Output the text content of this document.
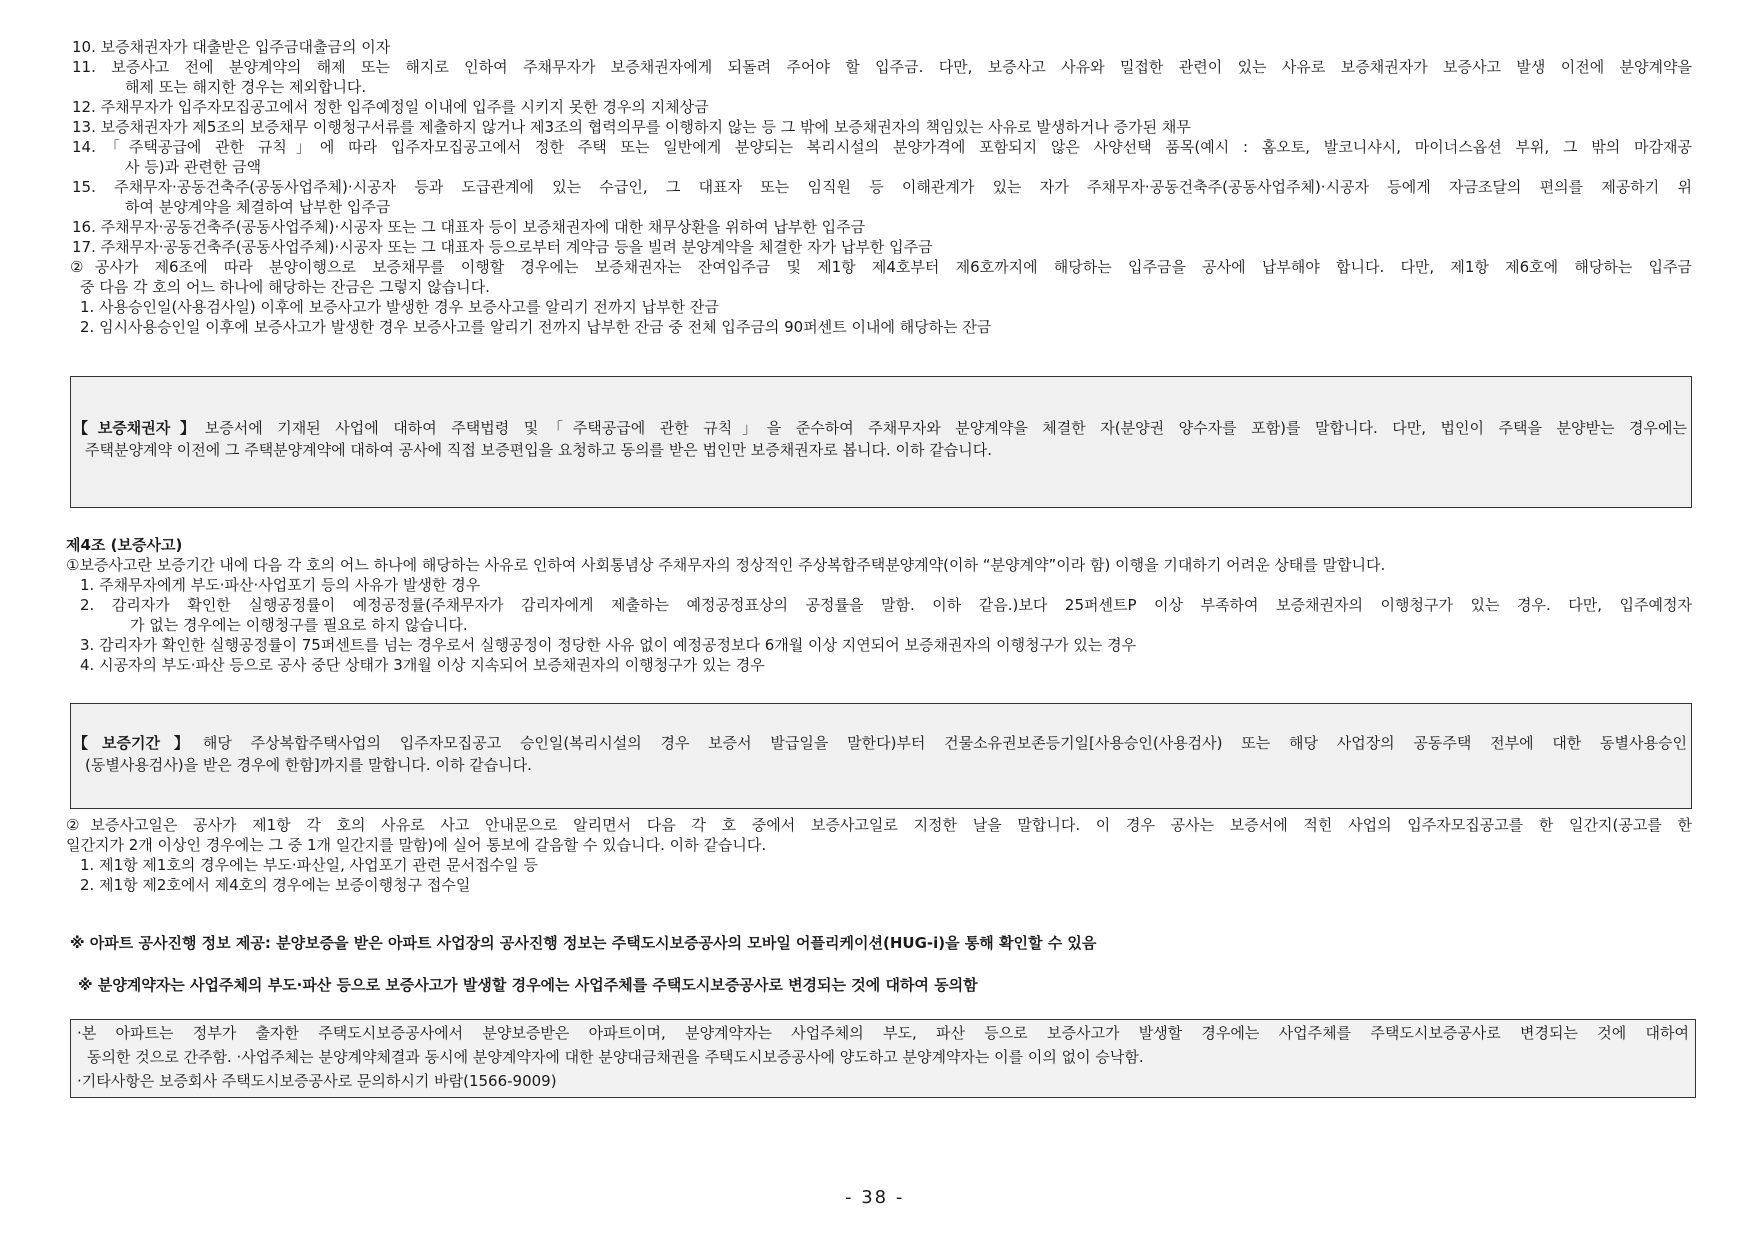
10. 보증채권자가 대출받은 입주금대출금의 이자
11. 보증사고 전에 분양계약의 해제 또는 해지로 인하여 주채무자가 보증채권자에게 되돌려 주어야 할 입주금. 다만, 보증사고 사유와 밀접한 관련이 있는 사유로 보증채권자가 보증사고 발생 이전에 분양계약을
해제 또는 해지한 경우는 제외합니다.
12. 주채무자가 입주자모집공고에서 정한 입주예정일 이내에 입주를 시키지 못한 경우의 지체상금
13. 보증채권자가 제5조의 보증채무 이행청구서류를 제출하지 않거나 제3조의 협력의무를 이행하지 않는 등 그 밖에 보증채권자의 책임있는 사유로 발생하거나 증가된 채무
14.「주택공급에 관한 규칙」에 따라 입주자모집공고에서 정한 주택 또는 일반에게 분양되는 복리시설의 분양가격에 포함되지 않은 사양선택 품목(예시 : 홈오토, 발코니샤시, 마이너스옵션 부위, 그 밖의 마감재공
사 등)과 관련한 금액
15. 주채무자·공동건축주(공동사업주체)·시공자 등과 도급관계에 있는 수급인, 그 대표자 또는 임직원 등 이해관계가 있는 자가 주채무자·공동건축주(공동사업주체)·시공자 등에게 자금조달의 편의를 제공하기 위
하여 분양계약을 체결하여 납부한 입주금
16. 주채무자·공동건축주(공동사업주체)·시공자 또는 그 대표자 등이 보증채권자에 대한 채무상환을 위하여 납부한 입주금
17. 주채무자·공동건축주(공동사업주체)·시공자 또는 그 대표자 등으로부터 계약금 등을 빌려 분양계약을 체결한 자가 납부한 입주금
②공사가 제6조에 따라 분양이행으로 보증채무를 이행할 경우에는 보증채권자는 잔여입주금 및 제1항 제4호부터 제6호까지에 해당하는 입주금을 공사에 납부해야 합니다. 다만, 제1항 제6호에 해당하는 입주금
중 다음 각 호의 어느 하나에 해당하는 잔금은 그렇지 않습니다.
1. 사용승인일(사용검사일) 이후에 보증사고가 발생한 경우 보증사고를 알리기 전까지 납부한 잔금
2. 임시사용승인일 이후에 보증사고가 발생한 경우 보증사고를 알리기 전까지 납부한 잔금 중 전체 입주금의 90퍼센트 이내에 해당하는 잔금
【보증채권자】보증서에 기재된 사업에 대하여 주택법령 및「주택공급에 관한 규칙」을 준수하여 주채무자와 분양계약을 체결한 자(분양권 양수자를 포함)를 말합니다. 다만, 법인이 주택을 분양받는 경우에는
주택분양계약 이전에 그 주택분양계약에 대하여 공사에 직접 보증편입을 요청하고 동의를 받은 법인만 보증채권자로 봅니다. 이하 같습니다.
제4조 (보증사고)
①보증사고란 보증기간 내에 다음 각 호의 어느 하나에 해당하는 사유로 인하여 사회통념상 주채무자의 정상적인 주상복합주택분양계약(이하 “분양계약”이라 함) 이행을 기대하기 어려운 상태를 말합니다.
1. 주채무자에게 부도·파산·사업포기 등의 사유가 발생한 경우
2. 감리자가 확인한 실행공정률이 예정공정률(주채무자가 감리자에게 제출하는 예정공정표상의 공정률을 말함. 이하 같음.)보다 25퍼센트P 이상 부족하여 보증채권자의 이행청구가 있는 경우. 다만, 입주예정자
가 없는 경우에는 이행청구를 필요로 하지 않습니다.
3. 감리자가 확인한 실행공정률이 75퍼센트를 넘는 경우로서 실행공정이 정당한 사유 없이 예정공정보다 6개월 이상 지연되어 보증채권자의 이행청구가 있는 경우
4. 시공자의 부도·파산 등으로 공사 중단 상태가 3개월 이상 지속되어 보증채권자의 이행청구가 있는 경우
【보증기간】해당 주상복합주택사업의 입주자모집공고 승인일(복리시설의 경우 보증서 발급일을 말한다)부터 건물소유권보존등기일[사용승인(사용검사) 또는 해당 사업장의 공동주택 전부에 대한 동별사용승인
(동별사용검사)을 받은 경우에 한함]까지를 말합니다. 이하 같습니다.
②보증사고일은 공사가 제1항 각 호의 사유로 사고 안내문으로 알리면서 다음 각 호 중에서 보증사고일로 지정한 날을 말합니다. 이 경우 공사는 보증서에 적힌 사업의 입주자모집공고를 한 일간지(공고를 한
일간지가 2개 이상인 경우에는 그 중 1개 일간지를 말함)에 실어 통보에 갈음할 수 있습니다. 이하 같습니다.
1. 제1항 제1호의 경우에는 부도·파산일, 사업포기 관련 문서접수일 등
2. 제1항 제2호에서 제4호의 경우에는 보증이행청구 접수일
※ 아파트 공사진행 정보 제공: 분양보증을 받은 아파트 사업장의 공사진행 정보는 주택도시보증공사의 모바일 어플리케이션(HUG-i)을 통해 확인할 수 있음
※ 분양계약자는 사업주체의 부도·파산 등으로 보증사고가 발생할 경우에는 사업주체를 주택도시보증공사로 변경되는 것에 대하여 동의함
·본 아파트는 정부가 출자한 주택도시보증공사에서 분양보증받은 아파트이며, 분양계약자는 사업주체의 부도, 파산 등으로 보증사고가 발생할 경우에는 사업주체를 주택도시보증공사로 변경되는 것에 대하여
동의한 것으로 간주함. ·사업주체는 분양계약체결과 동시에 분양계약자에 대한 분양대금채권을 주택도시보증공사에 양도하고 분양계약자는 이를 이의 없이 승낙함.
·기타사항은 보증회사 주택도시보증공사로 문의하시기 바람(1566-9009)
- 38 -
